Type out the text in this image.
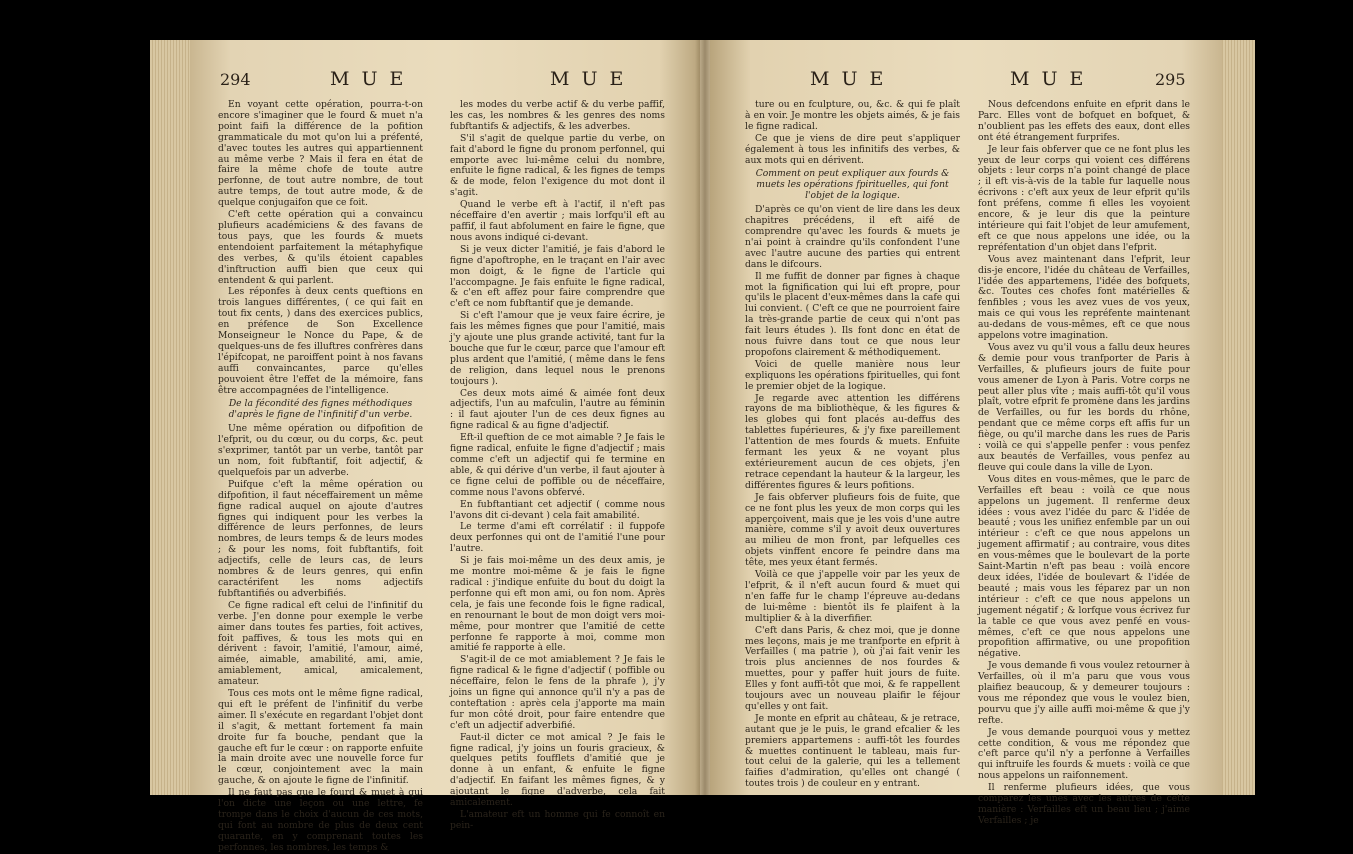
294	M U E	M U E

En voyant cette opération, pourra-t-on encore s'imaginer que le fourd & muet n'a point faifi la différence de la pofition grammaticale du mot qu'on lui a préfenté, d'avec toutes les autres qui appartiennent au même verbe ? Mais il fera en état de faire la même chofe de toute autre perfonne, de tout autre nombre, de tout autre temps, de tout autre mode, & de quelque conjugaifon que ce foit.

C'eft cette opération qui a convaincu plufieurs académiciens & des favans de tous pays, que les fourds & muets entendoient parfaitement la métaphyfique des verbes, & qu'ils étoient capables d'inftruction auffi bien que ceux qui entendent & qui parlent.

Les réponfes à deux cents queftions en trois langues différentes, ( ce qui fait en tout fix cents, ) dans des exercices publics, en préfence de Son Excellence Monseigneur le Nonce du Pape, & de quelques-uns de fes illuftres confrères dans l'épifcopat, ne paroiffent point à nos favans auffi convaincantes, parce qu'elles pouvoient être l'effet de la mémoire, fans être accompagnées de l'intelligence.

De la fécondité des fignes méthodiques d'après le figne de l'infinitif d'un verbe.

Une même opération ou difpofition de l'efprit, ou du cœur, ou du corps, &c. peut s'exprimer, tantôt par un verbe, tantôt par un nom, foit fubftantif, foit adjectif, & quelquefois par un adverbe.

Puifque c'eft la même opération ou difpofition, il faut néceffairement un même figne radical auquel on ajoute d'autres fignes qui indiquent pour les verbes la différence de leurs perfonnes, de leurs nombres, de leurs temps & de leurs modes ; & pour les noms, foit fubftantifs, foit adjectifs, celle de leurs cas, de leurs nombres & de leurs genres, qui enfin caractérifent les noms adjectifs fubftantifiés ou adverbifiés.

Ce figne radical eft celui de l'infinitif du verbe. J'en donne pour exemple le verbe aimer dans toutes fes parties, foit actives, foit paffives, & tous les mots qui en dérivent : favoir, l'amitié, l'amour, aimé, aimée, aimable, amabilité, ami, amie, amiablement, amical, amicalement, amateur.

Tous ces mots ont le même figne radical, qui eft le préfent de l'infinitif du verbe aimer. Il s'exécute en regardant l'objet dont il s'agit, & mettant fortement fa main droite fur fa bouche, pendant que la gauche eft fur le cœur : on rapporte enfuite la main droite avec une nouvelle force fur le cœur, conjointement avec la main gauche, & on ajoute le figne de l'infinitif.

Il ne faut pas que le fourd & muet à qui l'on dicte une leçon ou une lettre, fe trompe dans le choix d'aucun de ces mots, qui font au nombre de plus de deux cent quarante, en y comprenant toutes les perfonnes, les nombres, les temps &

les modes du verbe actif & du verbe paffif, les cas, les nombres & les genres des noms fubftantifs & adjectifs, & les adverbes.

S'il s'agit de quelque partie du verbe, on fait d'abord le figne du pronom perfonnel, qui emporte avec lui-même celui du nombre, enfuite le figne radical, & les fignes de temps & de mode, felon l'exigence du mot dont il s'agit.

Quand le verbe eft à l'actif, il n'eft pas néceffaire d'en avertir ; mais lorfqu'il eft au paffif, il faut abfolument en faire le figne, que nous avons indiqué ci-devant.

Si je veux dicter l'amitié, je fais d'abord le figne d'apoftrophe, en le traçant en l'air avec mon doigt, & le figne de l'article qui l'accompagne. Je fais enfuite le figne radical, & c'en eft affez pour faire comprendre que c'eft ce nom fubftantif que je demande.

Si c'eft l'amour que je veux faire écrire, je fais les mêmes fignes que pour l'amitié, mais j'y ajoute une plus grande activité, tant fur la bouche que fur le cœur, parce que l'amour eft plus ardent que l'amitié, ( même dans le fens de religion, dans lequel nous le prenons toujours ).

Ces deux mots aimé & aimée font deux adjectifs, l'un au mafculin, l'autre au féminin : il faut ajouter l'un de ces deux fignes au figne radical & au figne d'adjectif.

Eft-il queftion de ce mot aimable ? Je fais le figne radical, enfuite le figne d'adjectif ; mais comme c'eft un adjectif qui fe termine en able, & qui dérive d'un verbe, il faut ajouter à ce figne celui de poffible ou de néceffaire, comme nous l'avons obfervé.

En fubftantiant cet adjectif ( comme nous l'avons dit ci-devant ) cela fait amabilité.

Le terme d'ami eft corrélatif : il fuppofe deux perfonnes qui ont de l'amitié l'une pour l'autre.

Si je fais moi-même un des deux amis, je me montre moi-même & je fais le figne radical : j'indique enfuite du bout du doigt la perfonne qui eft mon ami, ou fon nom. Après cela, je fais une feconde fois le figne radical, en renournant le bout de mon doigt vers moi-même, pour montrer que l'amitié de cette perfonne fe rapporte à moi, comme mon amitié fe rapporte à elle.

S'agit-il de ce mot amiablement ? Je fais le figne radical & le figne d'adjectif ( poffible ou néceffaire, felon le fens de la phrafe ), j'y joins un figne qui annonce qu'il n'y a pas de conteftation : après cela j'apporte ma main fur mon côté droit, pour faire entendre que c'eft un adjectif adverbifié.

Faut-il dicter ce mot amical ? Je fais le figne radical, j'y joins un fouris gracieux, & quelques petits foufflets d'amitié que je donne à un enfant, & enfuite le figne d'adjectif. En faifant les mêmes fignes, & y ajoutant le figne d'adverbe, cela fait amicalement.

L'amateur eft un homme qui fe connoît en pein-

M U E	M U E	295

ture ou en fculpture, ou, &c. & qui fe plaît à en voir. Je montre les objets aimés, & je fais le figne radical.

Ce que je viens de dire peut s'appliquer également à tous les infinitifs des verbes, & aux mots qui en dérivent.

Comment on peut expliquer aux fourds & muets les opérations fpirituelles, qui font l'objet de la logique.

D'après ce qu'on vient de lire dans les deux chapitres précédens, il eft aifé de comprendre qu'avec les fourds & muets je n'ai point à craindre qu'ils confondent l'une avec l'autre aucune des parties qui entrent dans le difcours.

Il me fuffit de donner par fignes à chaque mot la fignification qui lui eft propre, pour qu'ils le placent d'eux-mêmes dans la cafe qui lui convient. ( C'eft ce que ne pourroient faire la très-grande partie de ceux qui n'ont pas fait leurs études ). Ils font donc en état de nous fuivre dans tout ce que nous leur propofons clairement & méthodiquement.

Voici de quelle manière nous leur expliquons les opérations fpirituelles, qui font le premier objet de la logique.

Je regarde avec attention les différens rayons de ma bibliothèque, & les figures & les globes qui font placés au-deffus des tablettes fupérieures, & j'y fixe pareillement l'attention de mes fourds & muets. Enfuite fermant les yeux & ne voyant plus extérieurement aucun de ces objets, j'en retrace cependant la hauteur & la largeur, les différentes figures & leurs pofitions.

Je fais obferver plufieurs fois de fuite, que ce ne font plus les yeux de mon corps qui les apperçoivent, mais que je les vois d'une autre manière, comme s'il y avoit deux ouvertures au milieu de mon front, par lefquelles ces objets vinffent encore fe peindre dans ma tête, mes yeux étant fermés.

Voilà ce que j'appelle voir par les yeux de l'efprit, & il n'eft aucun fourd & muet qui n'en faffe fur le champ l'épreuve au-dedans de lui-même : bientôt ils fe plaifent à la multiplier & à la diverfifier.

C'eft dans Paris, & chez moi, que je donne mes leçons, mais je me tranfporte en efprit à Verfailles ( ma patrie ), où j'ai fait venir les trois plus anciennes de nos fourdes & muettes, pour y paffer huit jours de fuite. Elles y font auffi-tôt que moi, & fe rappellent toujours avec un nouveau plaifir le féjour qu'elles y ont fait.

Je monte en efprit au château, & je retrace, autant que je le puis, le grand efcalier & les premiers appartemens : auffi-tôt les fourdes & muettes continuent le tableau, mais fur-tout celui de la galerie, qui les a tellement faifies d'admiration, qu'elles ont changé ( toutes trois ) de couleur en y entrant.

Nous defcendons enfuite en efprit dans le Parc. Elles vont de bofquet en bofquet, & n'oublient pas les effets des eaux, dont elles ont été étrangement furprifes.

Je leur fais obferver que ce ne font plus les yeux de leur corps qui voient ces différens objets : leur corps n'a point changé de place ; il eft vis-à-vis de la table fur laquelle nous écrivons : c'eft aux yeux de leur efprit qu'ils font préfens, comme fi elles les voyoient encore, & je leur dis que la peinture intérieure qui fait l'objet de leur amufement, eft ce que nous appelons une idée, ou la repréfentation d'un objet dans l'efprit.

Vous avez maintenant dans l'efprit, leur dis-je encore, l'idée du château de Verfailles, l'idée des appartemens, l'idée des bofquets, &c. Toutes ces chofes font matérielles & fenfibles ; vous les avez vues de vos yeux, mais ce qui vous les repréfente maintenant au-dedans de vous-mêmes, eft ce que nous appelons votre imagination.

Vous avez vu qu'il vous a fallu deux heures & demie pour vous tranfporter de Paris à Verfailles, & plufieurs jours de fuite pour vous amener de Lyon à Paris. Votre corps ne peut aller plus vîte ; mais auffi-tôt qu'il vous plaît, votre efprit fe promène dans les jardins de Verfailles, ou fur les bords du rhône, pendant que ce même corps eft affis fur un fiège, ou qu'il marche dans les rues de Paris : voilà ce qui s'appelle penfer : vous penfez aux beautés de Verfailles, vous penfez au fleuve qui coule dans la ville de Lyon.

Vous dites en vous-mêmes, que le parc de Verfailles eft beau : voilà ce que nous appelons un jugement. Il renferme deux idées : vous avez l'idée du parc & l'idée de beauté ; vous les unifiez enfemble par un oui intérieur : c'eft ce que nous appelons un jugement affirmatif ; au contraire, vous dites en vous-mêmes que le boulevart de la porte Saint-Martin n'eft pas beau : voilà encore deux idées, l'idée de boulevart & l'idée de beauté ; mais vous les féparez par un non intérieur : c'eft ce que nous appelons un jugement négatif ; & lorfque vous écrivez fur la table ce que vous avez penfé en vous-mêmes, c'eft ce que nous appelons une propofition affirmative, ou une propofition négative.

Je vous demande fi vous voulez retourner à Verfailles, où il m'a paru que vous vous plaifiez beaucoup, & y demeurer toujours : vous me répondez que vous le voulez bien, pourvu que j'y aille auffi moi-même & que j'y refte.

Je vous demande pourquoi vous y mettez cette condition, & vous me répondez que c'eft parce qu'il n'y a perfonne à Verfailles qui inftruife les fourds & muets : voilà ce que nous appelons un raifonnement.

Il renferme plufieurs idées, que vous comparez les unes avec les autres de cette manière : Verfailles eft un beau lieu ; j'aime Verfailles ; je
